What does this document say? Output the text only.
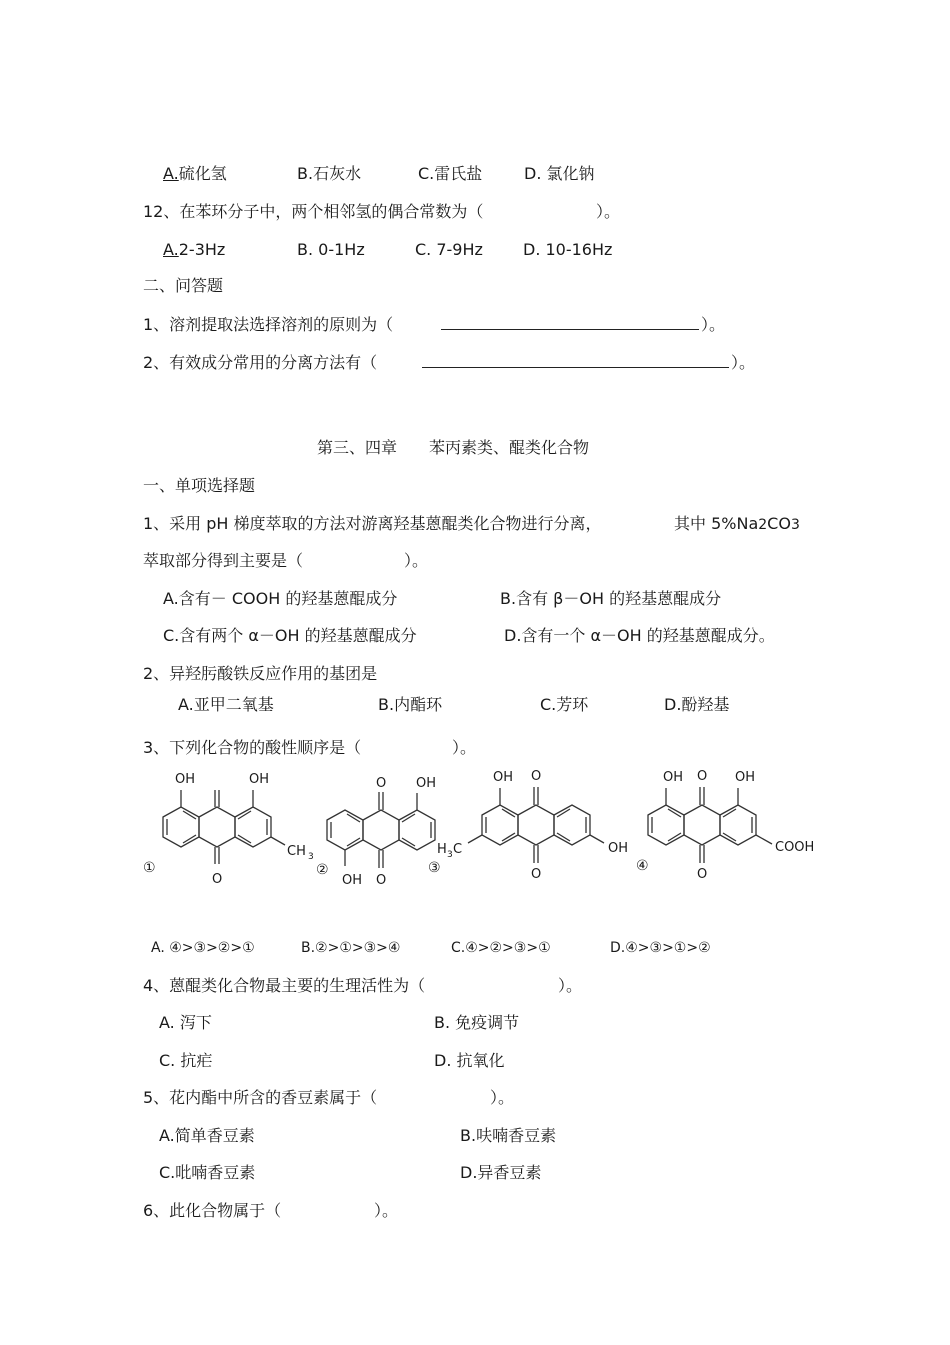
A.硫化氢	B.石灰水	C.雷氏盐	D. 氯化钠
12、在苯环分子中，两个相邻氢的偶合常数为（	）。
A.2-3Hz	B. 0-1Hz	C. 7-9Hz	D. 10-16Hz
二、问答题
1、溶剂提取法选择溶剂的原则为（	）。
2、有效成分常用的分离方法有（	）。
第三、四章　　苯丙素类、醌类化合物
一、单项选择题
1、采用 pH 梯度萃取的方法对游离羟基蒽醌类化合物进行分离，	其中 5%Na2CO3
萃取部分得到主要是（	）。
A.含有－ COOH 的羟基蒽醌成分	B.含有 β－OH 的羟基蒽醌成分
C.含有两个 α－OH 的羟基蒽醌成分	D.含有一个 α－OH 的羟基蒽醌成分。
2、异羟肟酸铁反应作用的基团是
A.亚甲二氧基	B.内酯环	C.芳环	D.酚羟基
3、下列化合物的酸性顺序是（	）。
OH	OH
O
CH 3
①
O OH
OH O
②
OH O
O
H 3 C	OH
③
OH O OH
O
COOH
④
A. ④>③>②>①	B.②>①>③>④	C.④>②>③>①	D.④>③>①>②
4、蒽醌类化合物最主要的生理活性为（	）。
A. 泻下	B. 免疫调节
C. 抗疟	D. 抗氧化
5、花内酯中所含的香豆素属于（	）。
A.简单香豆素	B.呋喃香豆素
C.吡喃香豆素	D.异香豆素
6、此化合物属于（	）。
